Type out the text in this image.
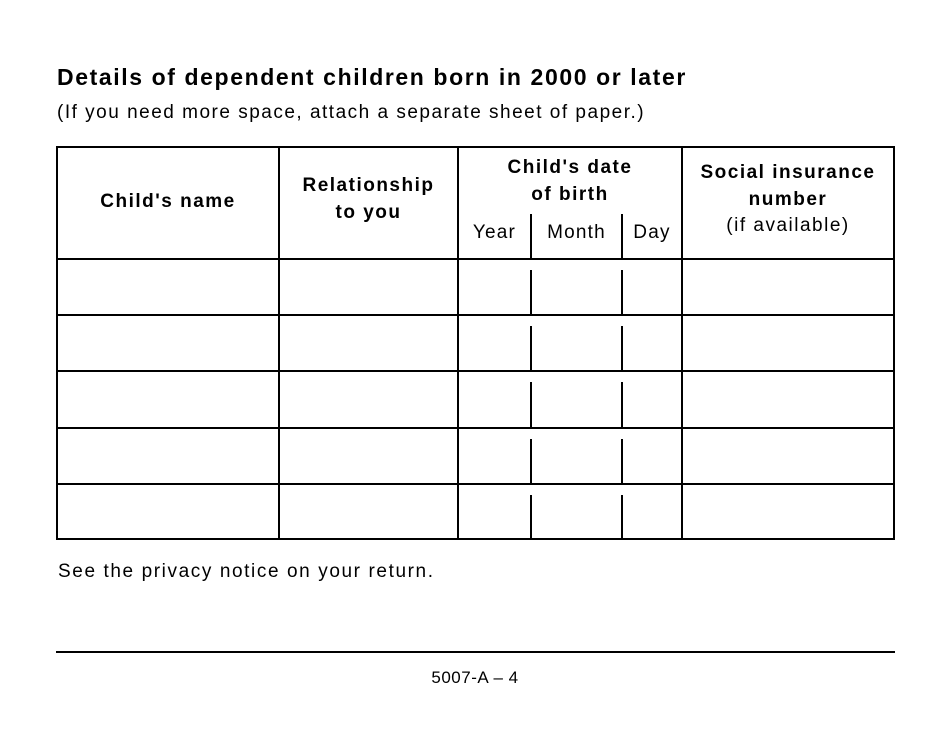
Details of dependent children born in 2000 or later
(If you need more space, attach a separate sheet of paper.)
Child's name
Relationship
to you
Child's date
of birth
Year	Month	Day
Social insurance
number
(if available)
See the privacy notice on your return.
5007-A – 4
